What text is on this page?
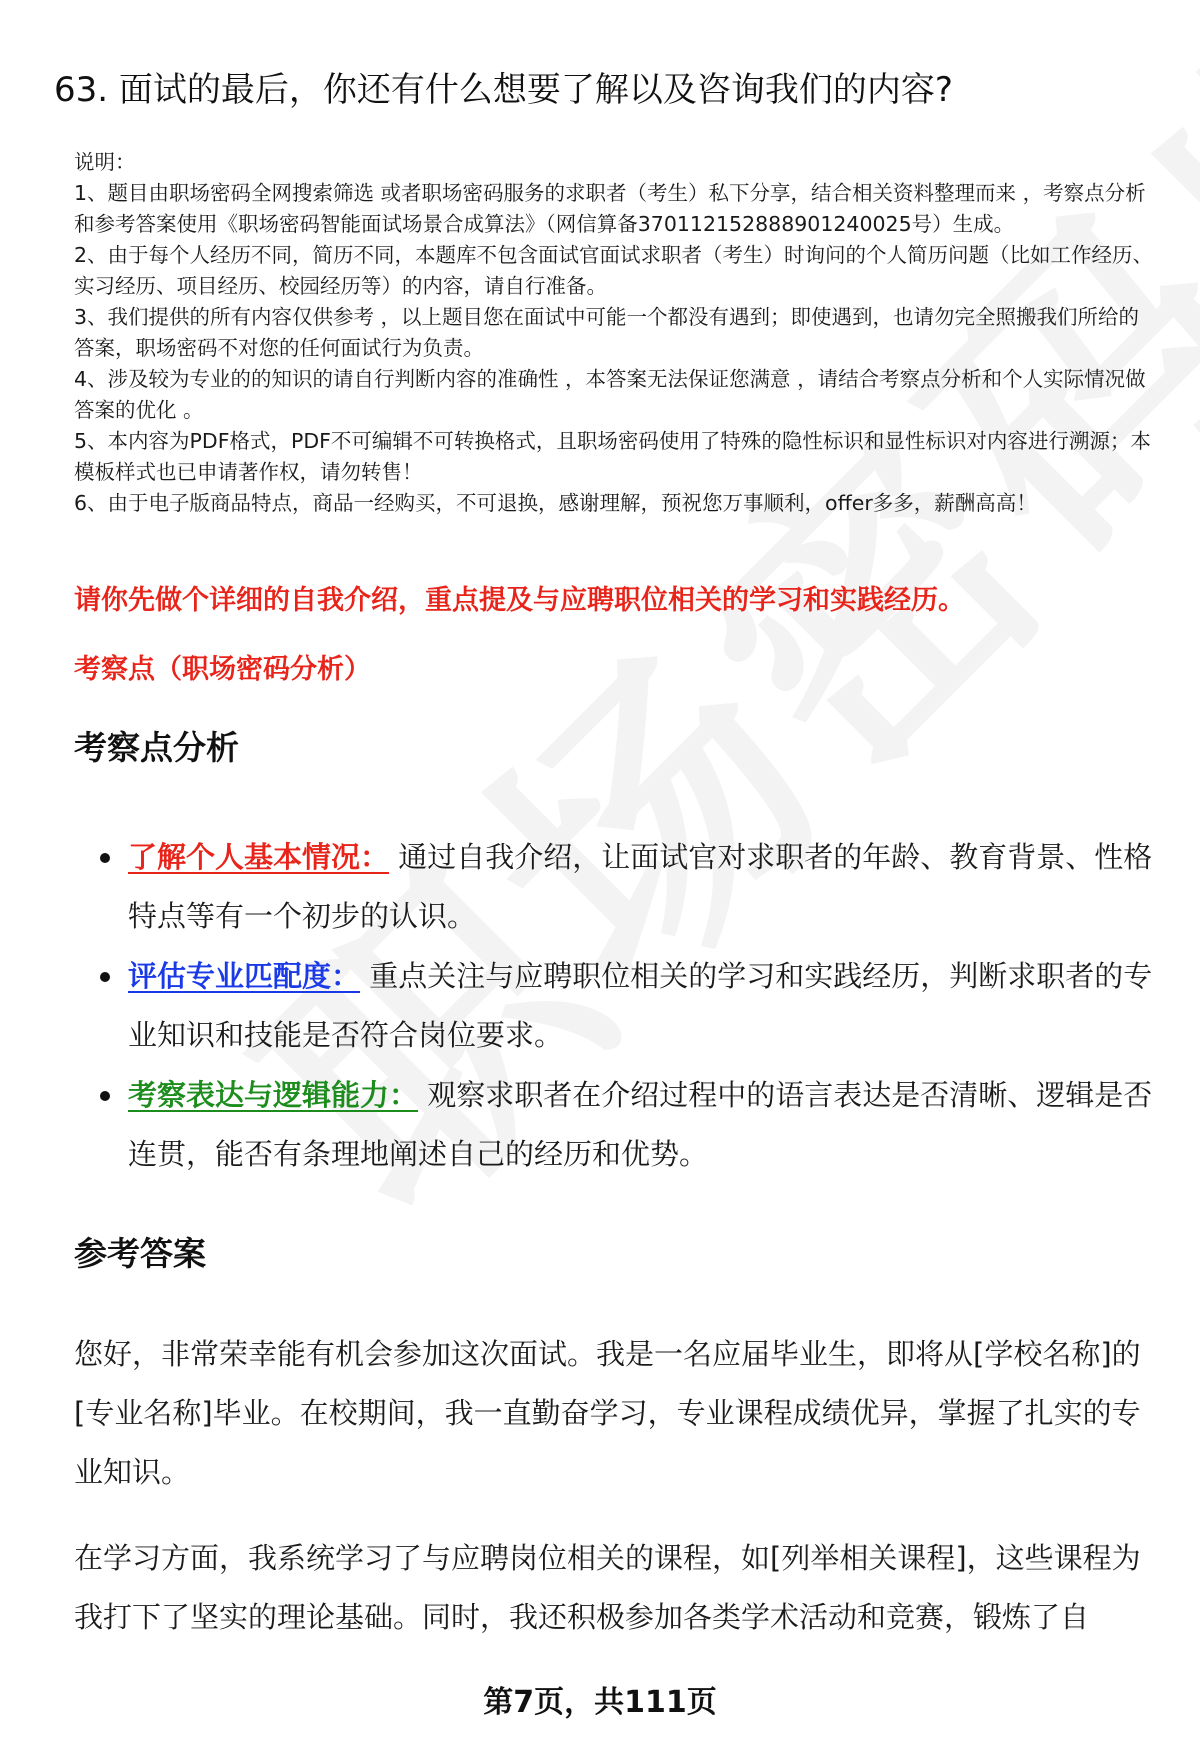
63. 面试的最后，你还有什么想要了解以及咨询我们的内容?

说明：

1、题目由职场密码全网搜索筛选 或者职场密码服务的求职者（考生）私下分享，结合相关资料整理而来 ，考察点分析和参考答案使用《职场密码智能面试场景合成算法》（网信算备370112152888901240025号）生成。

2、由于每个人经历不同，简历不同，本题库不包含面试官面试求职者（考生）时询问的个人简历问题（比如工作经历、实习经历、项目经历、校园经历等）的内容，请自行准备。

3、我们提供的所有内容仅供参考 ，以上题目您在面试中可能一个都没有遇到；即使遇到，也请勿完全照搬我们所给的答案，职场密码不对您的任何面试行为负责。

4、涉及较为专业的的知识的请自行判断内容的准确性 ，本答案无法保证您满意 ，请结合考察点分析和个人实际情况做答案的优化 。

5、本内容为PDF格式，PDF不可编辑不可转换格式，且职场密码使用了特殊的隐性标识和显性标识对内容进行溯源；本模板样式也已申请著作权，请勿转售！

6、由于电子版商品特点，商品一经购买，不可退换，感谢理解，预祝您万事顺利，offer多多，薪酬高高！

请你先做个详细的自我介绍，重点提及与应聘职位相关的学习和实践经历。

考察点（职场密码分析）

考察点分析
了解个人基本情况： 通过自我介绍，让面试官对求职者的年龄、教育背景、性格特点等有一个初步的认识。
评估专业匹配度： 重点关注与应聘职位相关的学习和实践经历，判断求职者的专业知识和技能是否符合岗位要求。
考察表达与逻辑能力： 观察求职者在介绍过程中的语言表达是否清晰、逻辑是否连贯，能否有条理地阐述自己的经历和优势。
参考答案

您好，非常荣幸能有机会参加这次面试。我是一名应届毕业生，即将从[学校名称]的[专业名称]毕业。在校期间，我一直勤奋学习，专业课程成绩优异，掌握了扎实的专业知识。

在学习方面，我系统学习了与应聘岗位相关的课程，如[列举相关课程]，这些课程为我打下了坚实的理论基础。同时，我还积极参加各类学术活动和竞赛，锻炼了自

第7页，共111页
